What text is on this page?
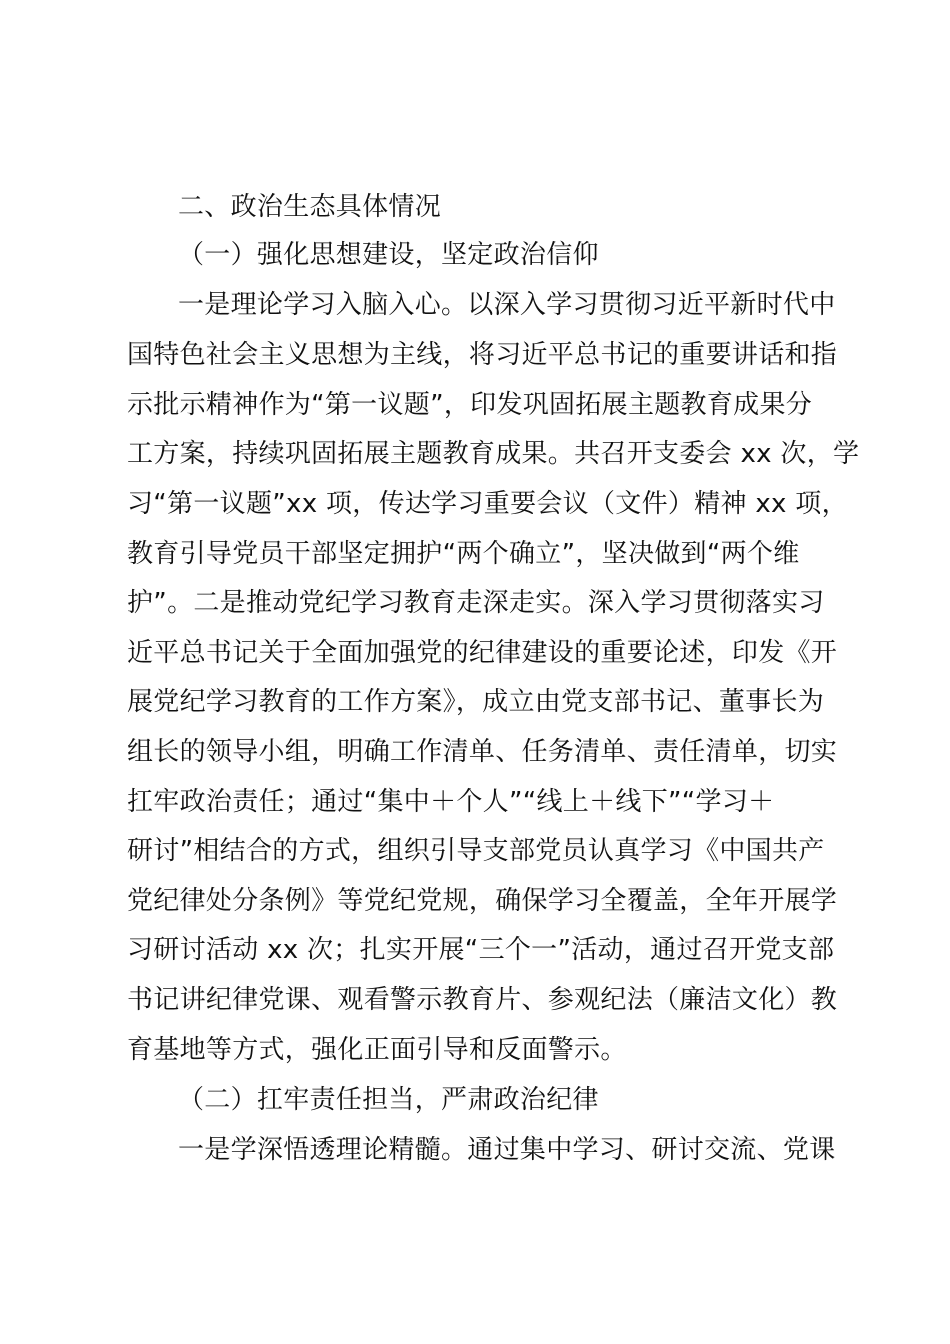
二、政治生态具体情况
（一）强化思想建设，坚定政治信仰
一是理论学习入脑入心。以深入学习贯彻习近平新时代中
国特色社会主义思想为主线，将习近平总书记的重要讲话和指
示批示精神作为“第一议题”，印发巩固拓展主题教育成果分
工方案，持续巩固拓展主题教育成果。共召开支委会 xx 次，学
习“第一议题”xx 项，传达学习重要会议（文件）精神 xx 项，
教育引导党员干部坚定拥护“两个确立”，坚决做到“两个维
护”。二是推动党纪学习教育走深走实。深入学习贯彻落实习
近平总书记关于全面加强党的纪律建设的重要论述，印发《开
展党纪学习教育的工作方案》，成立由党支部书记、董事长为
组长的领导小组，明确工作清单、任务清单、责任清单，切实
扛牢政治责任；通过“集中＋个人”“线上＋线下”“学习＋
研讨”相结合的方式，组织引导支部党员认真学习《中国共产
党纪律处分条例》等党纪党规，确保学习全覆盖，全年开展学
习研讨活动 xx 次；扎实开展“三个一”活动，通过召开党支部
书记讲纪律党课、观看警示教育片、参观纪法（廉洁文化）教
育基地等方式，强化正面引导和反面警示。
（二）扛牢责任担当，严肃政治纪律
一是学深悟透理论精髓。通过集中学习、研讨交流、党课
